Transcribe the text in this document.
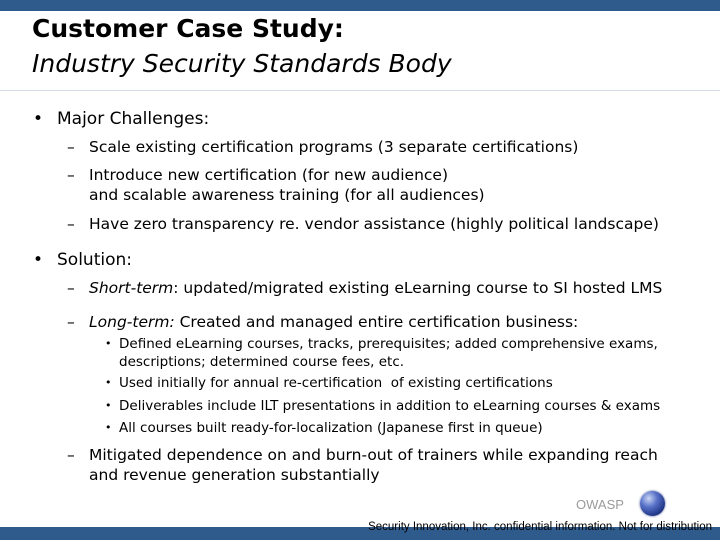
Customer Case Study:
Industry Security Standards Body
• Major Challenges:
– Scale existing certification programs (3 separate certifications)
– Introduce new certification (for new audience)
and scalable awareness training (for all audiences)
– Have zero transparency re. vendor assistance (highly political landscape)
• Solution:
– Short-term: updated/migrated existing eLearning course to SI hosted LMS
– Long-term: Created and managed entire certification business:
• Defined eLearning courses, tracks, prerequisites; added comprehensive exams,
descriptions; determined course fees, etc.
• Used initially for annual re-certification  of existing certifications
• Deliverables include ILT presentations in addition to eLearning courses & exams
• All courses built ready-for-localization (Japanese first in queue)
– Mitigated dependence on and burn-out of trainers while expanding reach
and revenue generation substantially
OWASP
Security Innovation, Inc. confidential information. Not for distribution
